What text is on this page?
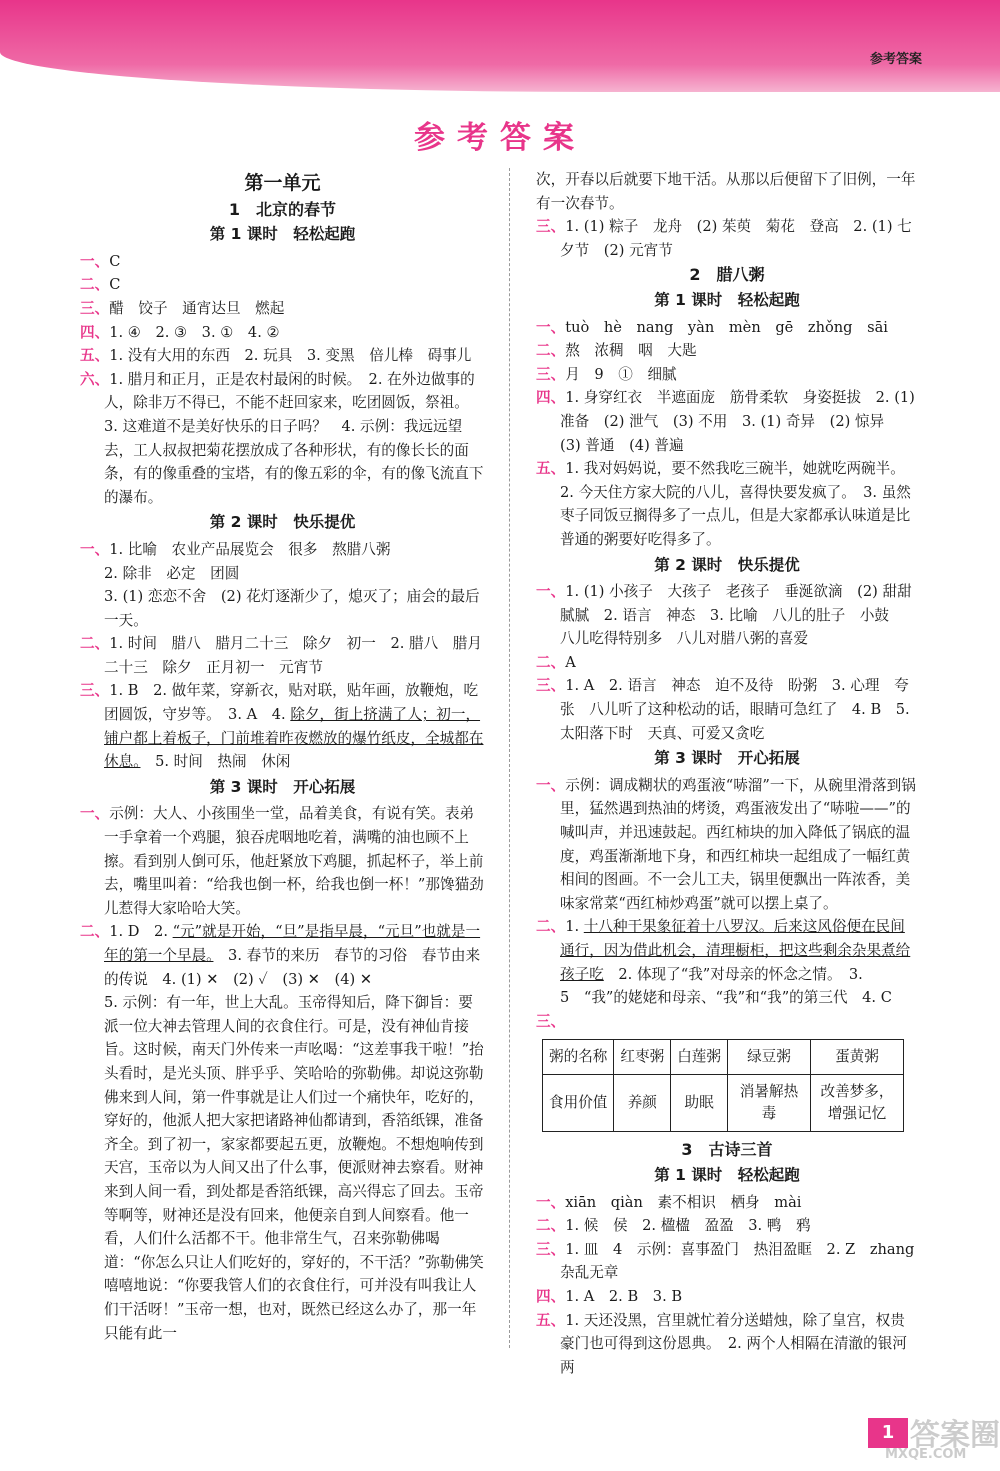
参考答案
参考答案
第一单元
1　北京的春节
第 1 课时　轻松起跑

一、C

二、C

三、醋　饺子　通宵达旦　燃起

四、1. ④　2. ③　3. ①　4. ②

五、1. 没有大用的东西　2. 玩具　3. 变黑　倍儿棒　碍事儿

六、1. 腊月和正月，正是农村最闲的时候。　2. 在外边做事的人，除非万不得已，不能不赶回家来，吃团圆饭，祭祖。　3. 这难道不是美好快乐的日子吗？　4. 示例：我远远望去，工人叔叔把菊花摆放成了各种形状，有的像长长的面条，有的像重叠的宝塔，有的像五彩的伞，有的像飞流直下的瀑布。

第 2 课时　快乐提优

一、1. 比喻　农业产品展览会　很多　熬腊八粥

2. 除非　必定　团圆

3. (1) 恋恋不舍　(2) 花灯逐渐少了，熄灭了；庙会的最后一天。

二、1. 时间　腊八　腊月二十三　除夕　初一　2. 腊八　腊月二十三　除夕　正月初一　元宵节

三、1. B　2. 做年菜，穿新衣，贴对联，贴年画，放鞭炮，吃团圆饭，守岁等。　3. A　4. 除夕，街上挤满了人；初一，铺户都上着板子，门前堆着昨夜燃放的爆竹纸皮，全城都在休息。　5. 时间　热闹　休闲

第 3 课时　开心拓展

一、示例：大人、小孩围坐一堂，品着美食，有说有笑。表弟一手拿着一个鸡腿，狼吞虎咽地吃着，满嘴的油也顾不上擦。看到别人倒可乐，他赶紧放下鸡腿，抓起杯子，举上前去，嘴里叫着：“给我也倒一杯，给我也倒一杯！”那馋猫劲儿惹得大家哈哈大笑。

二、1. D　2. “元”就是开始，“旦”是指早晨，“元旦”也就是一年的第一个早晨。　3. 春节的来历　春节的习俗　春节由来的传说　4. (1) ✕　(2) ✓　(3) ✕　(4) ✕

5. 示例：有一年，世上大乱。玉帝得知后，降下御旨：要派一位大神去管理人间的衣食住行。可是，没有神仙肯接旨。这时候，南天门外传来一声吆喝：“这差事我干啦！”抬头看时，是光头顶、胖乎乎、笑哈哈的弥勒佛。却说这弥勒佛来到人间，第一件事就是让人们过一个痛快年，吃好的，穿好的，他派人把大家把诸路神仙都请到，香箔纸锞，准备齐全。到了初一，家家都要起五更，放鞭炮。不想炮响传到天宫，玉帝以为人间又出了什么事，便派财神去察看。财神来到人间一看，到处都是香箔纸锞，高兴得忘了回去。玉帝等啊等，财神还是没有回来，他便亲自到人间察看。他一看，人们什么活都不干。他非常生气，召来弥勒佛喝道：“你怎么只让人们吃好的，穿好的，不干活？”弥勒佛笑嘻嘻地说：“你要我管人们的衣食住行，可并没有叫我让人们干活呀！”玉帝一想，也对，既然已经这么办了，那一年只能有此一

次，开春以后就要下地干活。从那以后便留下了旧例，一年有一次春节。

三、1. (1) 粽子　龙舟　(2) 茱萸　菊花　登高　2. (1) 七夕节　(2) 元宵节

2　腊八粥
第 1 课时　轻松起跑

一、tuò　hè　nang　yàn　mèn　gē　zhǒng　sāi

二、熬　浓稠　咽　大匙

三、月　9　①　细腻

四、1. 身穿红衣　半遮面庞　筋骨柔软　身姿挺拔　2. (1) 准备　(2) 泄气　(3) 不用　3. (1) 奇异　(2) 惊异　(3) 普通　(4) 普遍

五、1. 我对妈妈说，要不然我吃三碗半，她就吃两碗半。　2. 今天住方家大院的八儿，喜得快要发疯了。　3. 虽然枣子同饭豆搁得多了一点儿，但是大家都承认味道是比普通的粥要好吃得多了。

第 2 课时　快乐提优

一、1. (1) 小孩子　大孩子　老孩子　垂涎欲滴　(2) 甜甜腻腻　2. 语言　神态　3. 比喻　八儿的肚子　小鼓　八儿吃得特别多　八儿对腊八粥的喜爱

二、A

三、1. A　2. 语言　神态　迫不及待　盼粥　3. 心理　夸张　八儿听了这种松动的话，眼睛可急红了　4. B　5. 太阳落下时　天真、可爱又贪吃

第 3 课时　开心拓展

一、示例：调成糊状的鸡蛋液“哧溜”一下，从碗里滑落到锅里，猛然遇到热油的烤烫，鸡蛋液发出了“哧啦——”的喊叫声，并迅速鼓起。西红柿块的加入降低了锅底的温度，鸡蛋渐渐地下身，和西红柿块一起组成了一幅红黄相间的图画。不一会儿工夫，锅里便飘出一阵浓香，美味家常菜“西红柿炒鸡蛋”就可以摆上桌了。

二、1. 十八种干果象征着十八罗汉。后来这风俗便在民间通行，因为借此机会，清理橱柜，把这些剩余杂果煮给孩子吃　2. 体现了“我”对母亲的怀念之情。　3. 5　“我”的姥姥和母亲、“我”和“我”的第三代　4. C

三、

粥的名称	红枣粥	白莲粥	绿豆粥	蛋黄粥
食用价值	养颜	助眠	消暑解热毒	改善梦多，增强记忆
3　古诗三首
第 1 课时　轻松起跑

一、xiān　qiàn　素不相识　栖身　mài

二、1. 候　侯　2. 楹楹　盈盈　3. 鸭　鸦

三、1. 皿　4　示例：喜事盈门　热泪盈眶　2. Z　zhang　杂乱无章

四、1. A　2. B　3. B

五、1. 天还没黑，宫里就忙着分送蜡烛，除了皇宫，权贵豪门也可得到这份恩典。　2. 两个人相隔在清澈的银河两

1 答案圈
MXQE.COM
